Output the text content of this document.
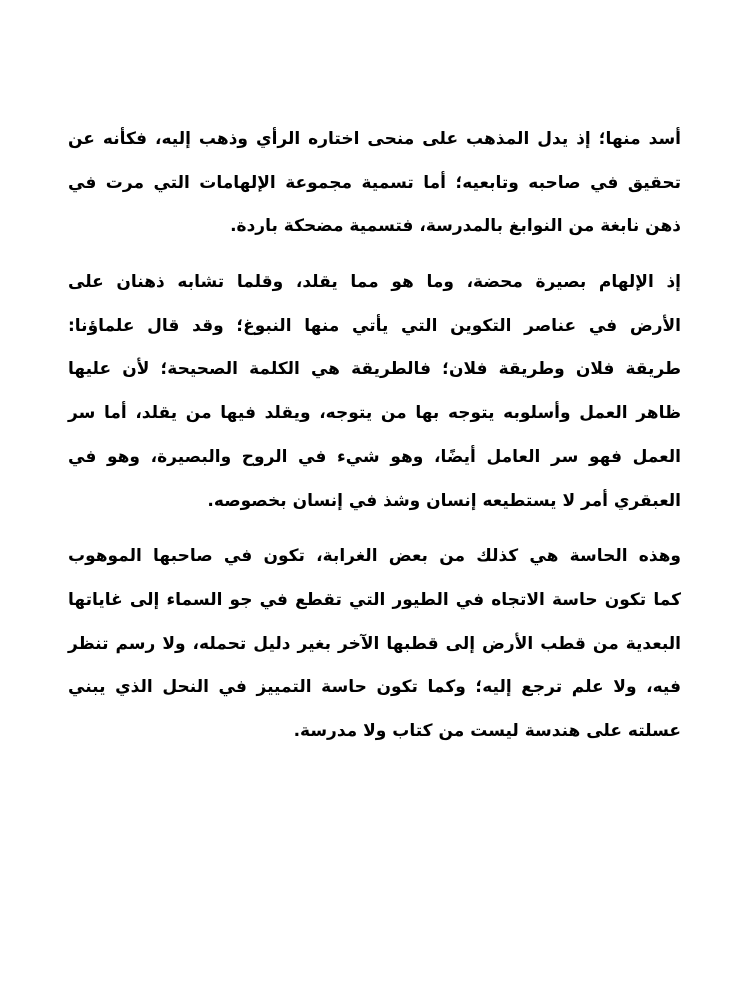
أسد منها؛ إذ يدل المذهب على منحى اختاره الرأي وذهب إليه، فكأنه عن
تحقيق في صاحبه وتابعيه؛ أما تسمية مجموعة الإلهامات التي مرت في
ذهن نابغة من النوابغ بالمدرسة، فتسمية مضحكة باردة.
إذ الإلهام بصيرة محضة، وما هو مما يقلد، وقلما تشابه ذهنان على
الأرض في عناصر التكوين التي يأتي منها النبوغ؛ وقد قال علماؤنا:
طريقة فلان وطريقة فلان؛ فالطريقة هي الكلمة الصحيحة؛ لأن عليها
ظاهر العمل وأسلوبه يتوجه بها من يتوجه، ويقلد فيها من يقلد، أما سر
العمل فهو سر العامل أيضًا، وهو شيء في الروح والبصيرة، وهو في
العبقري أمر لا يستطيعه إنسان وشذ في إنسان بخصوصه.
وهذه الحاسة هي كذلك من بعض الغرابة، تكون في صاحبها الموهوب
كما تكون حاسة الاتجاه في الطيور التي تقطع في جو السماء إلى غاياتها
البعدية من قطب الأرض إلى قطبها الآخر بغير دليل تحمله، ولا رسم تنظر
فيه، ولا علم ترجع إليه؛ وكما تكون حاسة التمييز في النحل الذي يبني
عسلته على هندسة ليست من كتاب ولا مدرسة.
